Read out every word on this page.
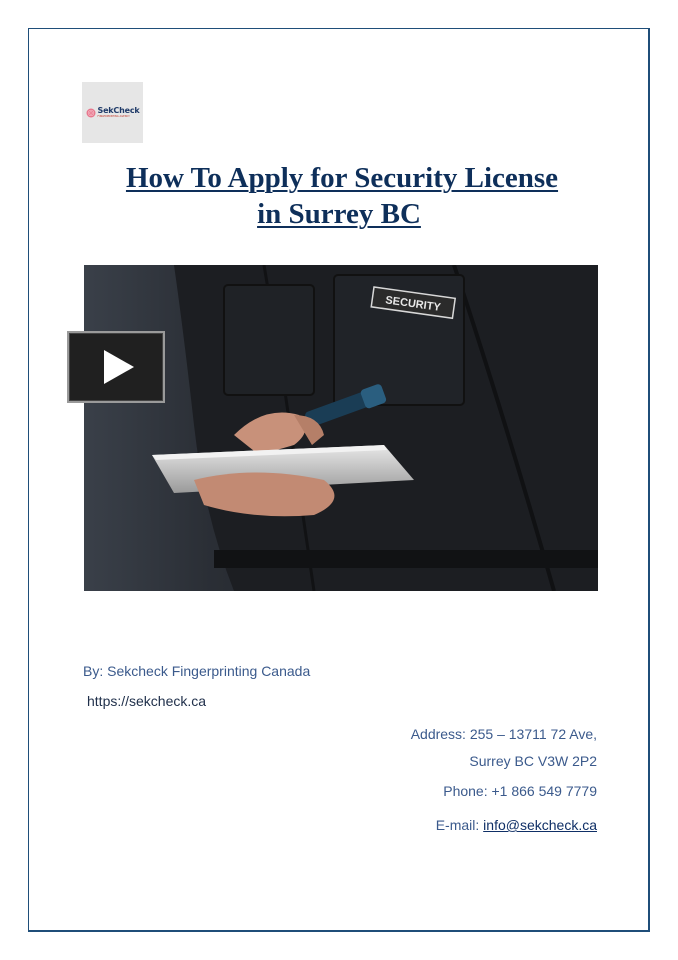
SekCheck
FINGERPRINTING AGENCY
How To Apply for Security License
in Surrey BC
SECURITY
By: Sekcheck Fingerprinting Canada
https://sekcheck.ca
Address: 255 – 13711 72 Ave,
Surrey BC V3W 2P2
Phone: +1 866 549 7779
E-mail: info@sekcheck.ca
